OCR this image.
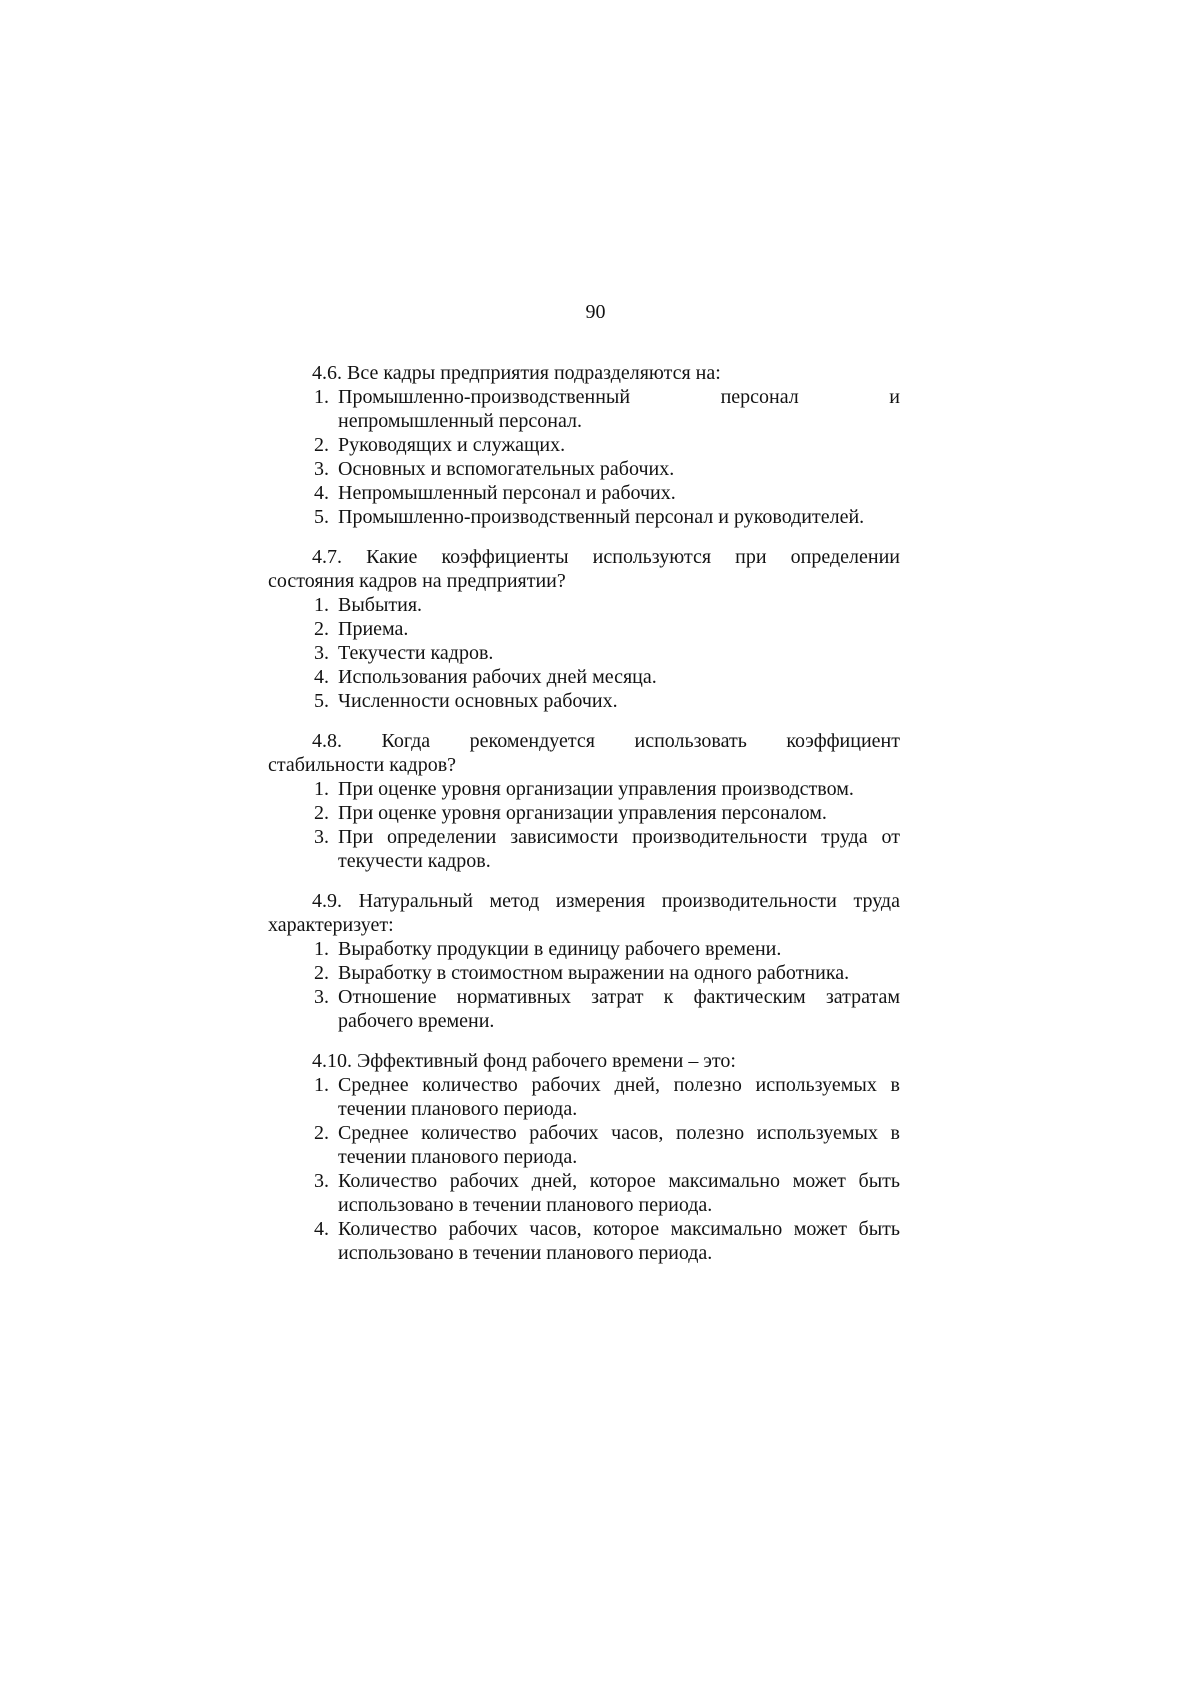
90
4.6. Все кадры предприятия подразделяются на:
1. Промышленно-производственный персонал и
непромышленный персонал.
2. Руководящих и служащих.
3. Основных и вспомогательных рабочих.
4. Непромышленный персонал и рабочих.
5. Промышленно-производственный персонал и руководителей.
4.7. Какие коэффициенты используются при определении
состояния кадров на предприятии?
1. Выбытия.
2. Приема.
3. Текучести кадров.
4. Использования рабочих дней месяца.
5. Численности основных рабочих.
4.8. Когда рекомендуется использовать коэффициент
стабильности кадров?
1. При оценке уровня организации управления производством.
2. При оценке уровня организации управления персоналом.
3. При определении зависимости производительности труда от
текучести кадров.
4.9. Натуральный метод измерения производительности труда
характеризует:
1. Выработку продукции в единицу рабочего времени.
2. Выработку в стоимостном выражении на одного работника.
3. Отношение нормативных затрат к фактическим затратам
рабочего времени.
4.10. Эффективный фонд рабочего времени – это:
1. Среднее количество рабочих дней, полезно используемых в
течении планового периода.
2. Среднее количество рабочих часов, полезно используемых в
течении планового периода.
3. Количество рабочих дней, которое максимально может быть
использовано в течении планового периода.
4. Количество рабочих часов, которое максимально может быть
использовано в течении планового периода.
